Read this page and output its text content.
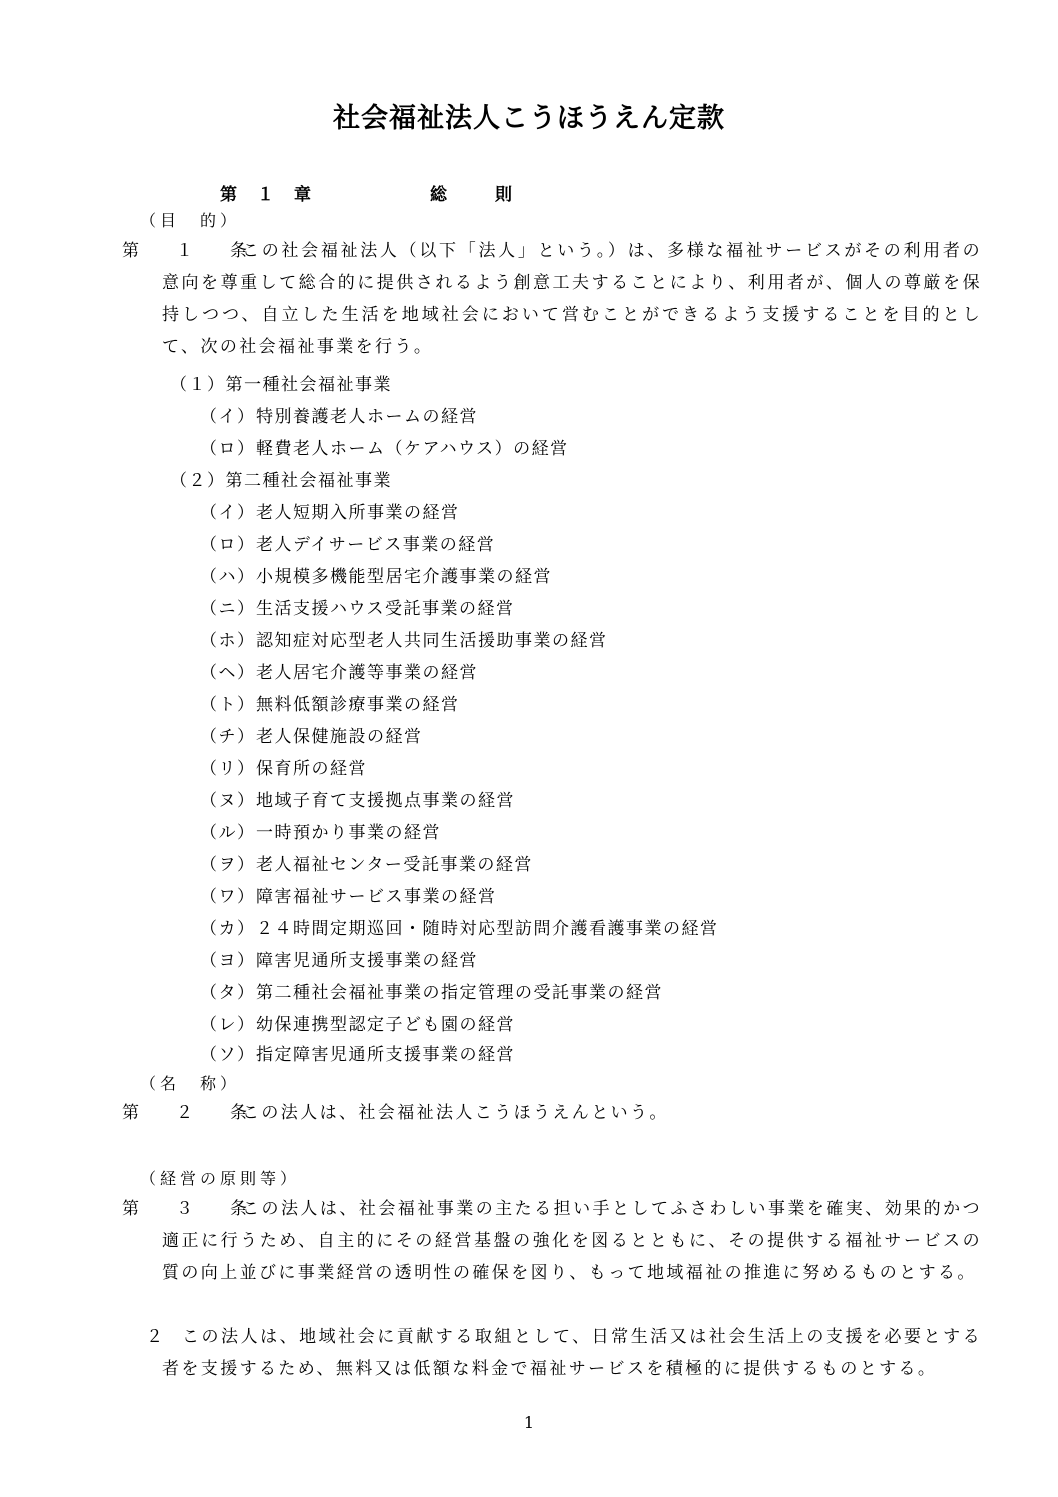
社会福祉法人こうほうえん定款
第１章	総則
（目　的）
第　１　条
この社会福祉法人（以下「法人」という。）は、多様な福祉サービスがその利用者の意向を尊重して総合的に提供されるよう創意工夫することにより、利用者が、個人の尊厳を保持しつつ、自立した生活を地域社会において営むことができるよう支援することを目的として、次の社会福祉事業を行う。
（１）第一種社会福祉事業
（イ）特別養護老人ホームの経営
（ロ）軽費老人ホーム（ケアハウス）の経営
（２）第二種社会福祉事業
（イ）老人短期入所事業の経営
（ロ）老人デイサービス事業の経営
（ハ）小規模多機能型居宅介護事業の経営
（ニ）生活支援ハウス受託事業の経営
（ホ）認知症対応型老人共同生活援助事業の経営
（ヘ）老人居宅介護等事業の経営
（ト）無料低額診療事業の経営
（チ）老人保健施設の経営
（リ）保育所の経営
（ヌ）地域子育て支援拠点事業の経営
（ル）一時預かり事業の経営
（ヲ）老人福祉センター受託事業の経営
（ワ）障害福祉サービス事業の経営
（カ）２４時間定期巡回・随時対応型訪問介護看護事業の経営
（ヨ）障害児通所支援事業の経営
（タ）第二種社会福祉事業の指定管理の受託事業の経営
（レ）幼保連携型認定子ども園の経営
（ソ）指定障害児通所支援事業の経営
（名　称）
第　２　条
この法人は、社会福祉法人こうほうえんという。
（経営の原則等）
第　３　条
この法人は、社会福祉事業の主たる担い手としてふさわしい事業を確実、効果的かつ適正に行うため、自主的にその経営基盤の強化を図るとともに、その提供する福祉サービスの質の向上並びに事業経営の透明性の確保を図り、もって地域福祉の推進に努めるものとする。
２	この法人は、地域社会に貢献する取組として、日常生活又は社会生活上の支援を必要とする者を支援するため、無料又は低額な料金で福祉サービスを積極的に提供するものとする。
1
